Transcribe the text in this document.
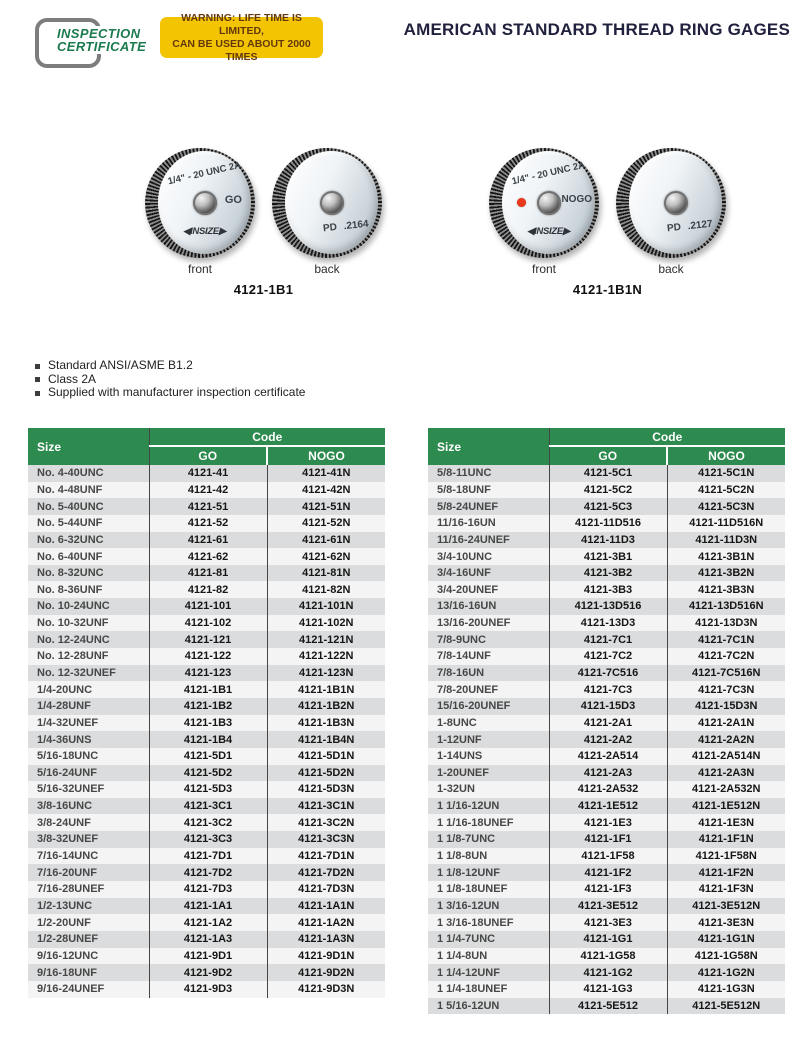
INSPECTION
CERTIFICATE
WARNING: LIFE TIME IS LIMITED,
CAN BE USED ABOUT 2000 TIMES
AMERICAN STANDARD THREAD RING GAGES
1/4" - 20 UNC 2A
GO
◀INSIZE▶	PD .2164
front	back
4121-1B1
1/4" - 20 UNC 2A
NOGO
◀INSIZE▶	PD .2127
front	back
4121-1B1N
Standard ANSI/ASME B1.2
Class 2A
Supplied with manufacturer inspection certificate
Size	Code	
	GO	NOGO
No. 4-40UNC	4121-41	4121-41N
No. 4-48UNF	4121-42	4121-42N
No. 5-40UNC	4121-51	4121-51N
No. 5-44UNF	4121-52	4121-52N
No. 6-32UNC	4121-61	4121-61N
No. 6-40UNF	4121-62	4121-62N
No. 8-32UNC	4121-81	4121-81N
No. 8-36UNF	4121-82	4121-82N
No. 10-24UNC	4121-101	4121-101N
No. 10-32UNF	4121-102	4121-102N
No. 12-24UNC	4121-121	4121-121N
No. 12-28UNF	4121-122	4121-122N
No. 12-32UNEF	4121-123	4121-123N
1/4-20UNC	4121-1B1	4121-1B1N
1/4-28UNF	4121-1B2	4121-1B2N
1/4-32UNEF	4121-1B3	4121-1B3N
1/4-36UNS	4121-1B4	4121-1B4N
5/16-18UNC	4121-5D1	4121-5D1N
5/16-24UNF	4121-5D2	4121-5D2N
5/16-32UNEF	4121-5D3	4121-5D3N
3/8-16UNC	4121-3C1	4121-3C1N
3/8-24UNF	4121-3C2	4121-3C2N
3/8-32UNEF	4121-3C3	4121-3C3N
7/16-14UNC	4121-7D1	4121-7D1N
7/16-20UNF	4121-7D2	4121-7D2N
7/16-28UNEF	4121-7D3	4121-7D3N
1/2-13UNC	4121-1A1	4121-1A1N
1/2-20UNF	4121-1A2	4121-1A2N
1/2-28UNEF	4121-1A3	4121-1A3N
9/16-12UNC	4121-9D1	4121-9D1N
9/16-18UNF	4121-9D2	4121-9D2N
9/16-24UNEF	4121-9D3	4121-9D3N
Size	Code	
	GO	NOGO
5/8-11UNC	4121-5C1	4121-5C1N
5/8-18UNF	4121-5C2	4121-5C2N
5/8-24UNEF	4121-5C3	4121-5C3N
11/16-16UN	4121-11D516	4121-11D516N
11/16-24UNEF	4121-11D3	4121-11D3N
3/4-10UNC	4121-3B1	4121-3B1N
3/4-16UNF	4121-3B2	4121-3B2N
3/4-20UNEF	4121-3B3	4121-3B3N
13/16-16UN	4121-13D516	4121-13D516N
13/16-20UNEF	4121-13D3	4121-13D3N
7/8-9UNC	4121-7C1	4121-7C1N
7/8-14UNF	4121-7C2	4121-7C2N
7/8-16UN	4121-7C516	4121-7C516N
7/8-20UNEF	4121-7C3	4121-7C3N
15/16-20UNEF	4121-15D3	4121-15D3N
1-8UNC	4121-2A1	4121-2A1N
1-12UNF	4121-2A2	4121-2A2N
1-14UNS	4121-2A514	4121-2A514N
1-20UNEF	4121-2A3	4121-2A3N
1-32UN	4121-2A532	4121-2A532N
1 1/16-12UN	4121-1E512	4121-1E512N
1 1/16-18UNEF	4121-1E3	4121-1E3N
1 1/8-7UNC	4121-1F1	4121-1F1N
1 1/8-8UN	4121-1F58	4121-1F58N
1 1/8-12UNF	4121-1F2	4121-1F2N
1 1/8-18UNEF	4121-1F3	4121-1F3N
1 3/16-12UN	4121-3E512	4121-3E512N
1 3/16-18UNEF	4121-3E3	4121-3E3N
1 1/4-7UNC	4121-1G1	4121-1G1N
1 1/4-8UN	4121-1G58	4121-1G58N
1 1/4-12UNF	4121-1G2	4121-1G2N
1 1/4-18UNEF	4121-1G3	4121-1G3N
1 5/16-12UN	4121-5E512	4121-5E512N
